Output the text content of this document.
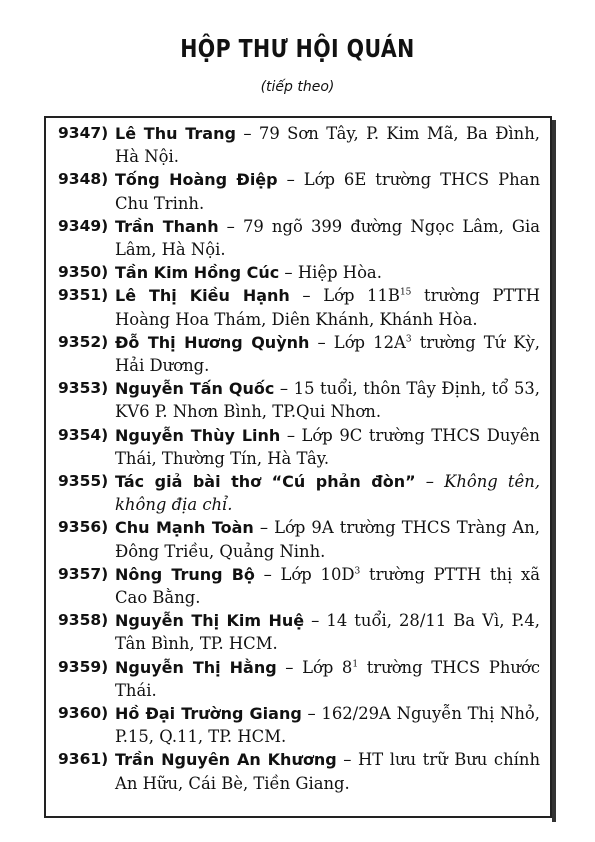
HỘP THƯ HỘI QUÁN
(tiếp theo)
9347) Lê Thu Trang – 79 Sơn Tây, P. Kim Mã, Ba Đình, Hà Nội.
9348) Tống Hoàng Điệp – Lớp 6E trường THCS Phan Chu Trinh.
9349) Trần Thanh – 79 ngõ 399 đường Ngọc Lâm, Gia Lâm, Hà Nội.
9350) Tần Kim Hồng Cúc – Hiệp Hòa.
9351) Lê Thị Kiều Hạnh – Lớp $11B^{15}$ trường PTTH Hoàng Hoa Thám, Diên Khánh, Khánh Hòa.
9352) Đỗ Thị Hương Quỳnh – Lớp $12A^3$ trường Tứ Kỳ, Hải Dương.
9353) Nguyễn Tấn Quốc – 15 tuổi, thôn Tây Định, tổ 53, KV6 P. Nhơn Bình, TP.Qui Nhơn.
9354) Nguyễn Thùy Linh – Lớp 9C trường THCS Duyên Thái, Thường Tín, Hà Tây.
9355) Tác giả bài thơ “Cú phản đòn” – Không tên, không địa chỉ.
9356) Chu Mạnh Toàn – Lớp 9A trường THCS Tràng An, Đông Triều, Quảng Ninh.
9357) Nông Trung Bộ – Lớp $10D^3$ trường PTTH thị xã Cao Bằng.
9358) Nguyễn Thị Kim Huệ – 14 tuổi, 28/11 Ba Vì, P.4, Tân Bình, TP. HCM.
9359) Nguyễn Thị Hằng – Lớp $8^1$ trường THCS Phước Thái.
9360) Hồ Đại Trường Giang – 162/29A Nguyễn Thị Nhỏ, P.15, Q.11, TP. HCM.
9361) Trần Nguyên An Khương – HT lưu trữ Bưu chính An Hữu, Cái Bè, Tiền Giang.
